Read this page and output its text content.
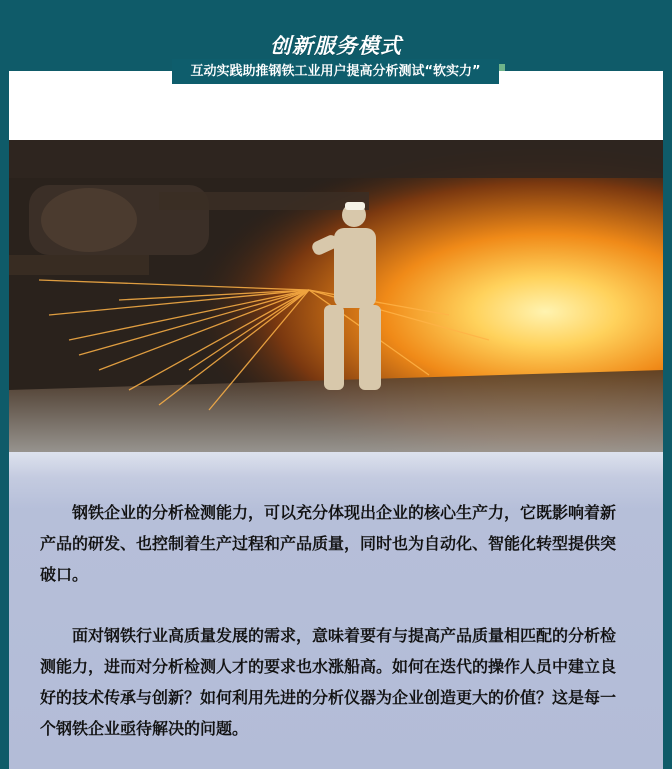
创新服务模式
互动实践助推钢铁工业用户提高分析测试“软实力”

钢铁企业的分析检测能力，可以充分体现出企业的核心生产力，它既影响着新产品的研发、也控制着生产过程和产品质量，同时也为自动化、智能化转型提供突破口。

面对钢铁行业高质量发展的需求，意味着要有与提高产品质量相匹配的分析检测能力，进而对分析检测人才的要求也水涨船高。如何在迭代的操作人员中建立良好的技术传承与创新？如何利用先进的分析仪器为企业创造更大的价值？这是每一个钢铁企业亟待解决的问题。
